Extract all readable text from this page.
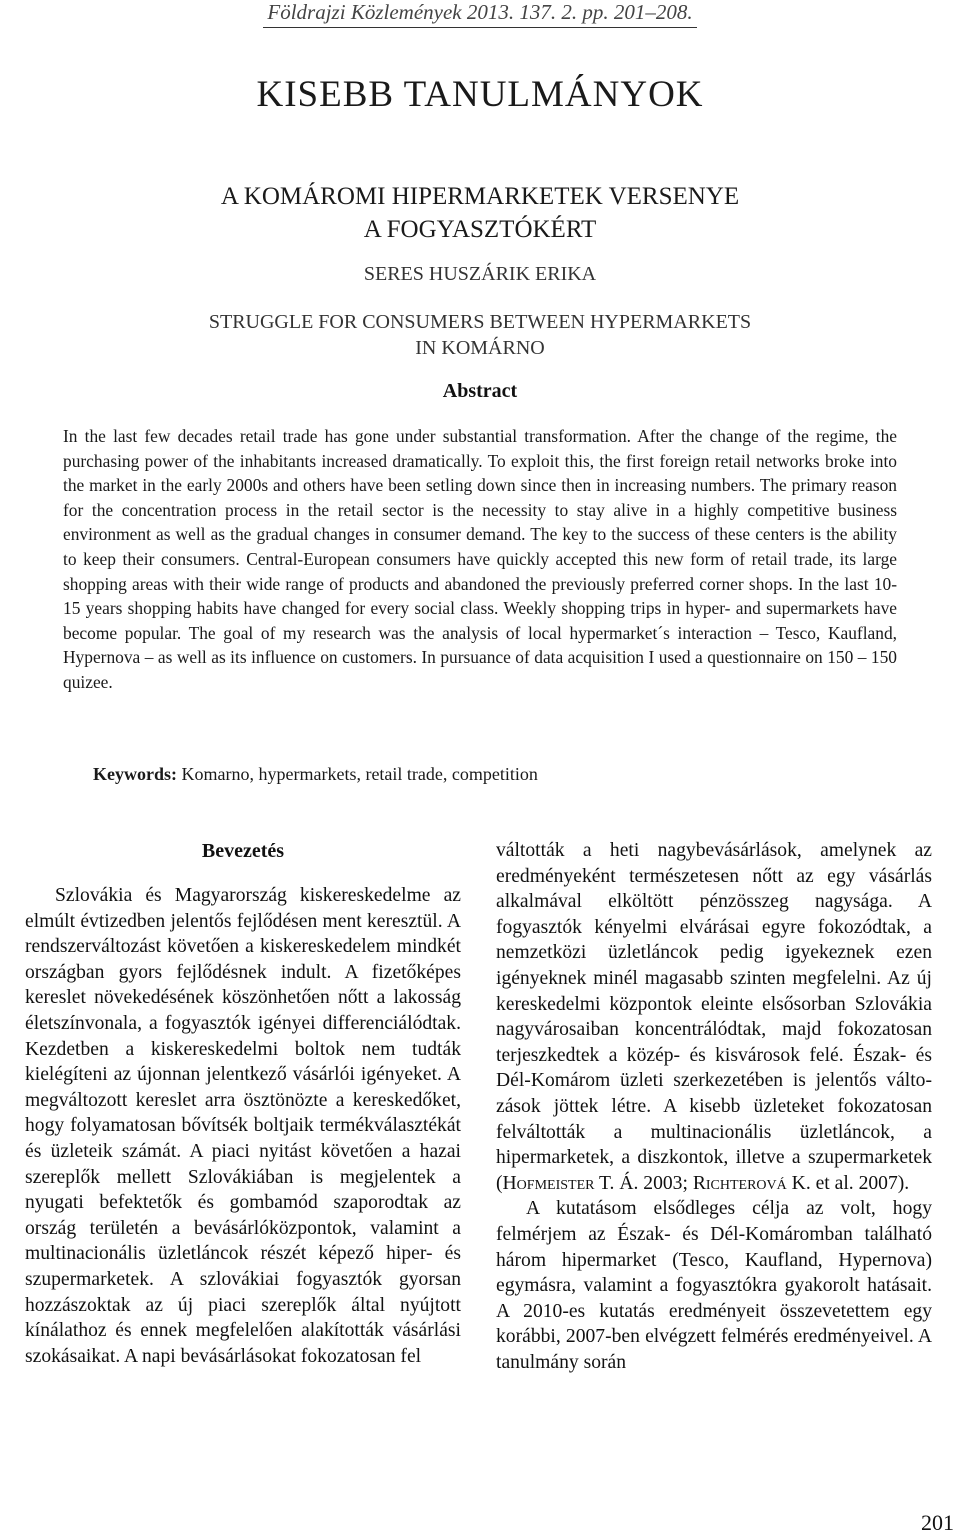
Földrajzi Közlemények 2013. 137. 2. pp. 201–208.
KISEBB TANULMÁNYOK
A KOMÁROMI HIPERMARKETEK VERSENYE
A FOGYASZTÓKÉRT
SERES HUSZÁRIK ERIKA
STRUGGLE FOR CONSUMERS BETWEEN HYPERMARKETS
IN KOMÁRNO
Abstract

In the last few decades retail trade has gone under substantial transformation. After the change of the regime, the purchasing power of the inhabitants increased dramatically. To exploit this, the first foreign retail networks broke into the market in the early 2000s and others have been setling down since then in increasing numbers. The primary reason for the concentration process in the retail sector is the necessity to stay alive in a highly competitive business environment as well as the gradual changes in consumer demand. The key to the success of these centers is the ability to keep their consumers. Central-European consumers have quickly accepted this new form of retail trade, its large shopping areas with their wide range of products and abandoned the previously preferred corner shops. In the last 10-15 years shopping habits have changed for every social class. Weekly shopping trips in hyper- and supermarkets have become popular. The goal of my research was the analysis of local hypermarket´s interaction – Tesco, Kaufland, Hypernova – as well as its influence on customers. In pursuance of data acquisition I used a questionnaire on 150 – 150 quizee.

Keywords: Komarno, hypermarkets, retail trade, competition
Bevezetés

Szlovákia és Magyarország kiskereskedelme az elmúlt évtizedben jelentős fejlődésen ment keresztül. A rendszerváltozást követően a kiskereskedelem mindkét országban gyors fejlődésnek indult. A fizetőképes kereslet növekedésének köszönhetően nőtt a lakosság életszínvonala, a fogyasztók igényei differenciálódtak. Kezdetben a kiskereskedelmi boltok nem tudták kielégíteni az újonnan jelentkező vásárlói igényeket. A megváltozott kereslet arra ösztönözte a kereskedőket, hogy folyamatosan bővítsék boltjaik termékválasztékát és üzleteik számát. A piaci nyitást követően a hazai szereplők mellett Szlovákiában is megjelentek a nyugati befektetők és gombamód szaporodtak az ország területén a bevásárlóközpontok, valamint a multinacionális üzletláncok részét képező hiper- és szupermarketek. A szlovákiai fogyasztók gyorsan hozzászoktak az új piaci szereplők által nyújtott kínálathoz és ennek megfelelően alakították vásárlási szokásaikat. A napi bevásárlásokat fokozatosan fel

váltották a heti nagybevásárlások, amelynek az eredményeként természetesen nőtt az egy vásárlás alkalmával elköltött pénzösszeg nagysága. A fogyasztók kényelmi elvárásai egyre fokozódtak, a nemzetközi üzletláncok pedig igyekeznek ezen igényeknek minél magasabb szinten megfelelni. Az új kereskedelmi központok eleinte elsősorban Szlovákia nagyvárosaiban koncentrálódtak, majd fokozatosan terjeszkedtek a közép- és kisvárosok felé. Észak- és Dél-Komárom üzleti szerkezetében is jelentős változások jöttek létre. A kisebb üzleteket fokozatosan felváltották a multinacionális üzletláncok, a hipermarketek, a diszkontok, illetve a szupermarketek (Hofmeister T. Á. 2003; Richterová K. et al. 2007).

A kutatásom elsődleges célja az volt, hogy felmérjem az Észak- és Dél-Komáromban található három hipermarket (Tesco, Kaufland, Hypernova) egymásra, valamint a fogyasztókra gyakorolt hatásait. A 2010-es kutatás eredményeit összevetettem egy korábbi, 2007-ben elvégzett felmérés eredményeivel. A tanulmány során

201
